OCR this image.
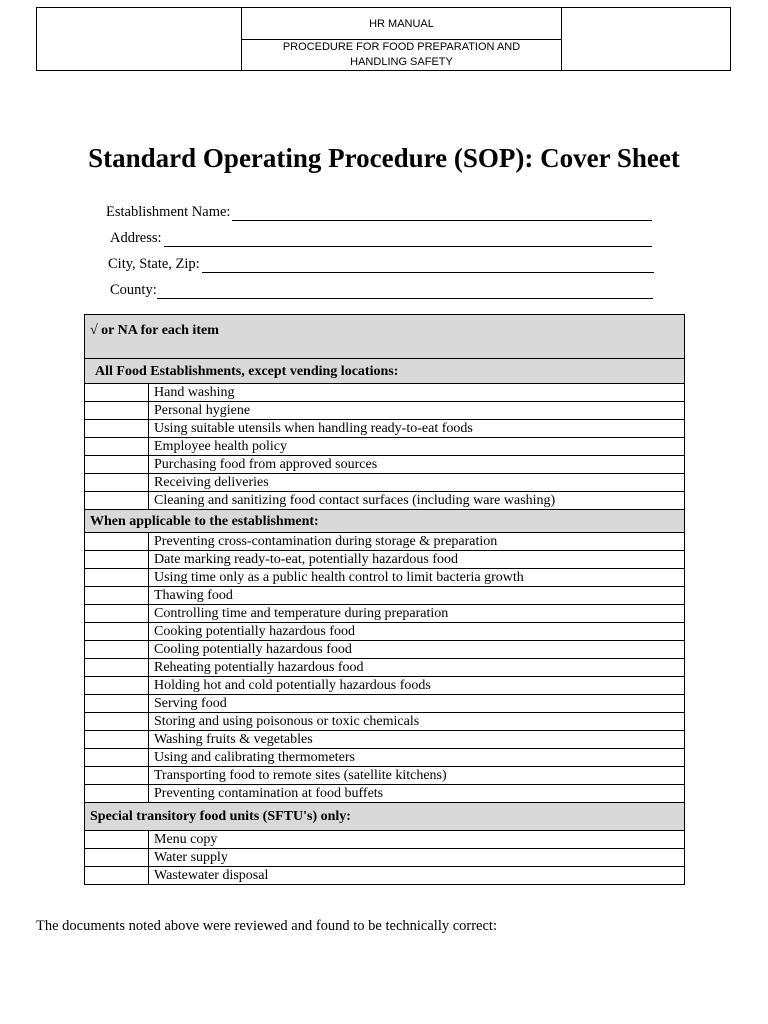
HR MANUAL
PROCEDURE FOR FOOD PREPARATION AND HANDLING SAFETY
Standard Operating Procedure (SOP): Cover Sheet
Establishment Name:
Address:
City, State, Zip:
County:
√ or NA for each item	
All Food Establishments, except vending locations:	
	Hand washing
	Personal hygiene
	Using suitable utensils when handling ready-to-eat foods
	Employee health policy
	Purchasing food from approved sources
	Receiving deliveries
	Cleaning and sanitizing food contact surfaces (including ware washing)
When applicable to the establishment:	
	Preventing cross-contamination during storage & preparation
	Date marking ready-to-eat, potentially hazardous food
	Using time only as a public health control to limit bacteria growth
	Thawing food
	Controlling time and temperature during preparation
	Cooking potentially hazardous food
	Cooling potentially hazardous food
	Reheating potentially hazardous food
	Holding hot and cold potentially hazardous foods
	Serving food
	Storing and using poisonous or toxic chemicals
	Washing fruits & vegetables
	Using and calibrating thermometers
	Transporting food to remote sites (satellite kitchens)
	Preventing contamination at food buffets
Special transitory food units (SFTU's) only:	
	Menu copy
	Water supply
	Wastewater disposal
The documents noted above were reviewed and found to be technically correct:
